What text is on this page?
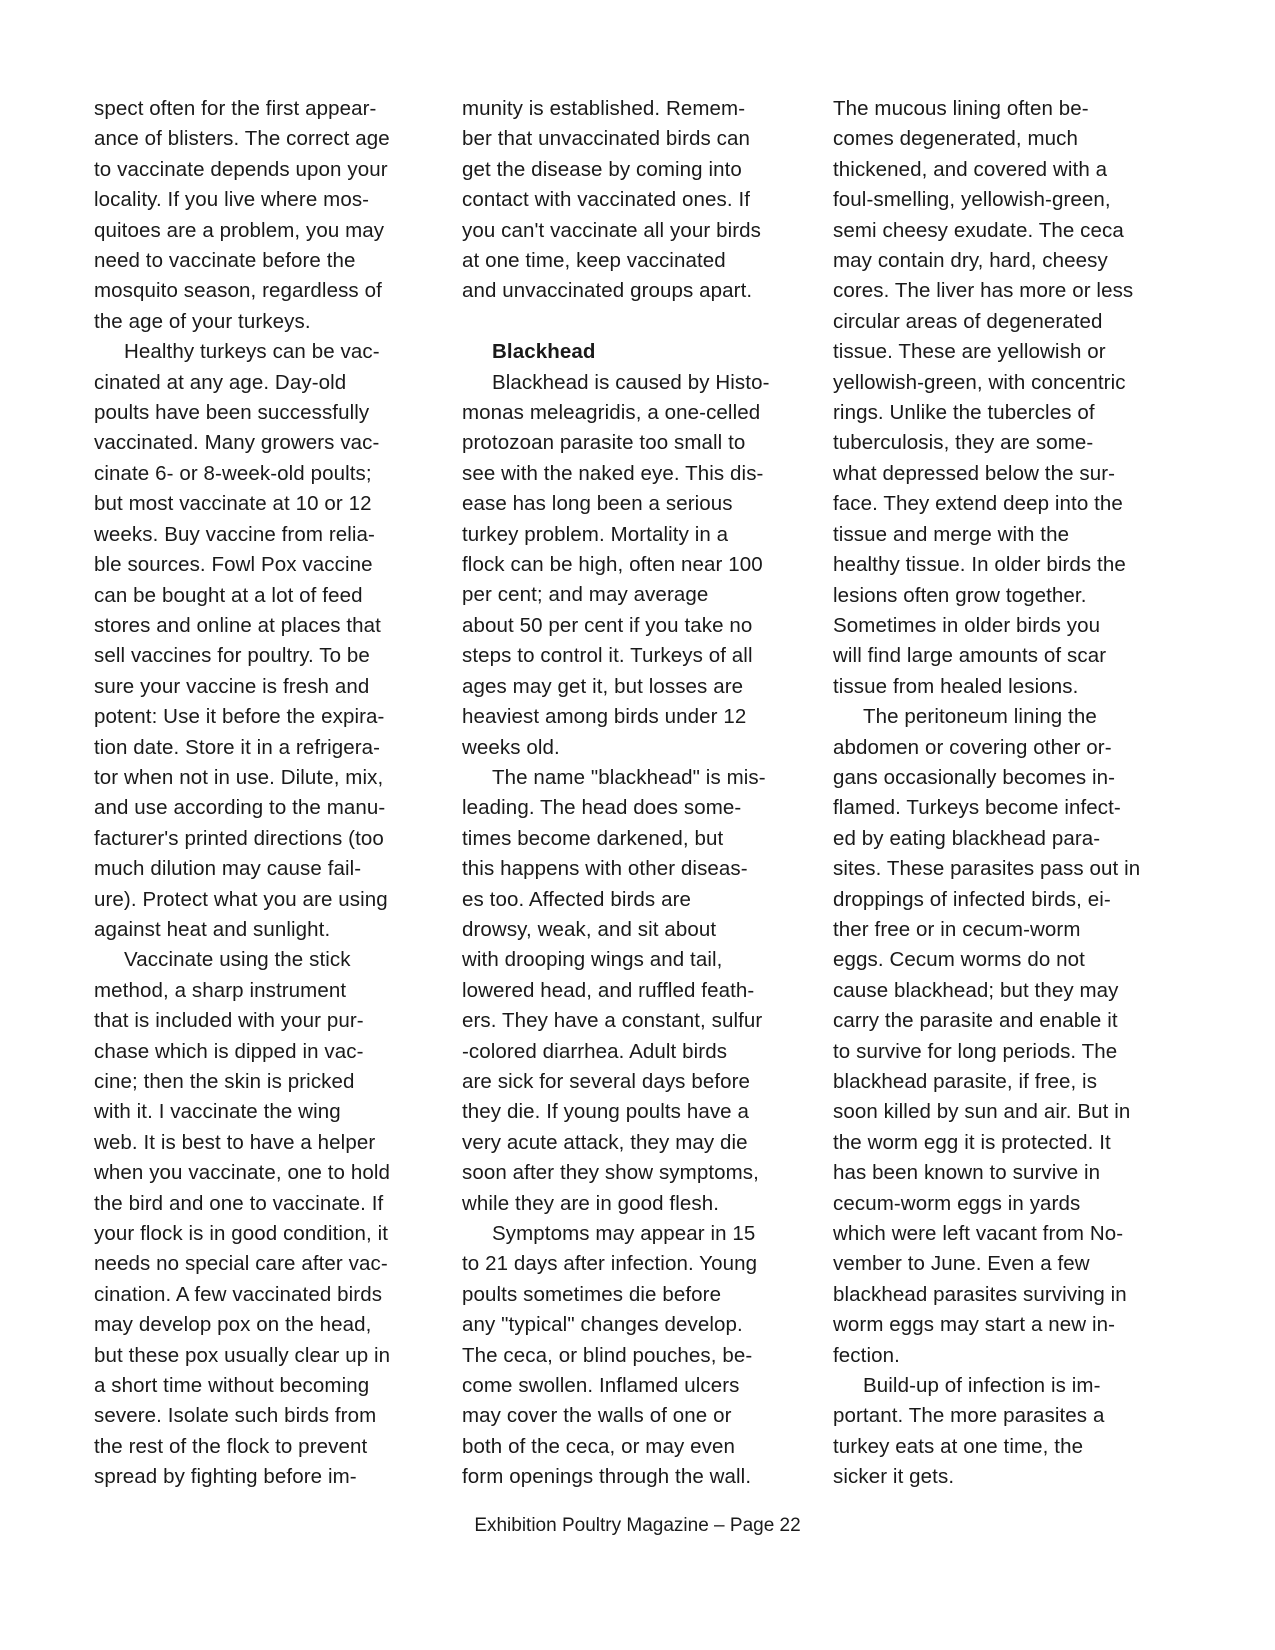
spect often for the first appear-
ance of blisters. The correct age
to vaccinate depends upon your
locality. If you live where mos-
quitoes are a problem, you may
need to vaccinate before the
mosquito season, regardless of
the age of your turkeys.
Healthy turkeys can be vac-
cinated at any age. Day-old
poults have been successfully
vaccinated. Many growers vac-
cinate 6- or 8-week-old poults;
but most vaccinate at 10 or 12
weeks. Buy vaccine from relia-
ble sources. Fowl Pox vaccine
can be bought at a lot of feed
stores and online at places that
sell vaccines for poultry. To be
sure your vaccine is fresh and
potent: Use it before the expira-
tion date. Store it in a refrigera-
tor when not in use. Dilute, mix,
and use according to the manu-
facturer's printed directions (too
much dilution may cause fail-
ure). Protect what you are using
against heat and sunlight.
Vaccinate using the stick
method, a sharp instrument
that is included with your pur-
chase which is dipped in vac-
cine; then the skin is pricked
with it. I vaccinate the wing
web. It is best to have a helper
when you vaccinate, one to hold
the bird and one to vaccinate. If
your flock is in good condition, it
needs no special care after vac-
cination. A few vaccinated birds
may develop pox on the head,
but these pox usually clear up in
a short time without becoming
severe. Isolate such birds from
the rest of the flock to prevent
spread by fighting before im-
munity is established. Remem-
ber that unvaccinated birds can
get the disease by coming into
contact with vaccinated ones. If
you can't vaccinate all your birds
at one time, keep vaccinated
and unvaccinated groups apart.
Blackhead
Blackhead is caused by Histo-
monas meleagridis, a one-celled
protozoan parasite too small to
see with the naked eye. This dis-
ease has long been a serious
turkey problem. Mortality in a
flock can be high, often near 100
per cent; and may average
about 50 per cent if you take no
steps to control it. Turkeys of all
ages may get it, but losses are
heaviest among birds under 12
weeks old.
The name "blackhead" is mis-
leading. The head does some-
times become darkened, but
this happens with other diseas-
es too. Affected birds are
drowsy, weak, and sit about
with drooping wings and tail,
lowered head, and ruffled feath-
ers. They have a constant, sulfur
-colored diarrhea. Adult birds
are sick for several days before
they die. If young poults have a
very acute attack, they may die
soon after they show symptoms,
while they are in good flesh.
Symptoms may appear in 15
to 21 days after infection. Young
poults sometimes die before
any "typical" changes develop.
The ceca, or blind pouches, be-
come swollen. Inflamed ulcers
may cover the walls of one or
both of the ceca, or may even
form openings through the wall.
The mucous lining often be-
comes degenerated, much
thickened, and covered with a
foul-smelling, yellowish-green,
semi cheesy exudate. The ceca
may contain dry, hard, cheesy
cores. The liver has more or less
circular areas of degenerated
tissue. These are yellowish or
yellowish-green, with concentric
rings. Unlike the tubercles of
tuberculosis, they are some-
what depressed below the sur-
face. They extend deep into the
tissue and merge with the
healthy tissue. In older birds the
lesions often grow together.
Sometimes in older birds you
will find large amounts of scar
tissue from healed lesions.
The peritoneum lining the
abdomen or covering other or-
gans occasionally becomes in-
flamed. Turkeys become infect-
ed by eating blackhead para-
sites. These parasites pass out in
droppings of infected birds, ei-
ther free or in cecum-worm
eggs. Cecum worms do not
cause blackhead; but they may
carry the parasite and enable it
to survive for long periods. The
blackhead parasite, if free, is
soon killed by sun and air. But in
the worm egg it is protected. It
has been known to survive in
cecum-worm eggs in yards
which were left vacant from No-
vember to June. Even a few
blackhead parasites surviving in
worm eggs may start a new in-
fection.
Build-up of infection is im-
portant. The more parasites a
turkey eats at one time, the
sicker it gets.
Exhibition Poultry Magazine – Page 22
